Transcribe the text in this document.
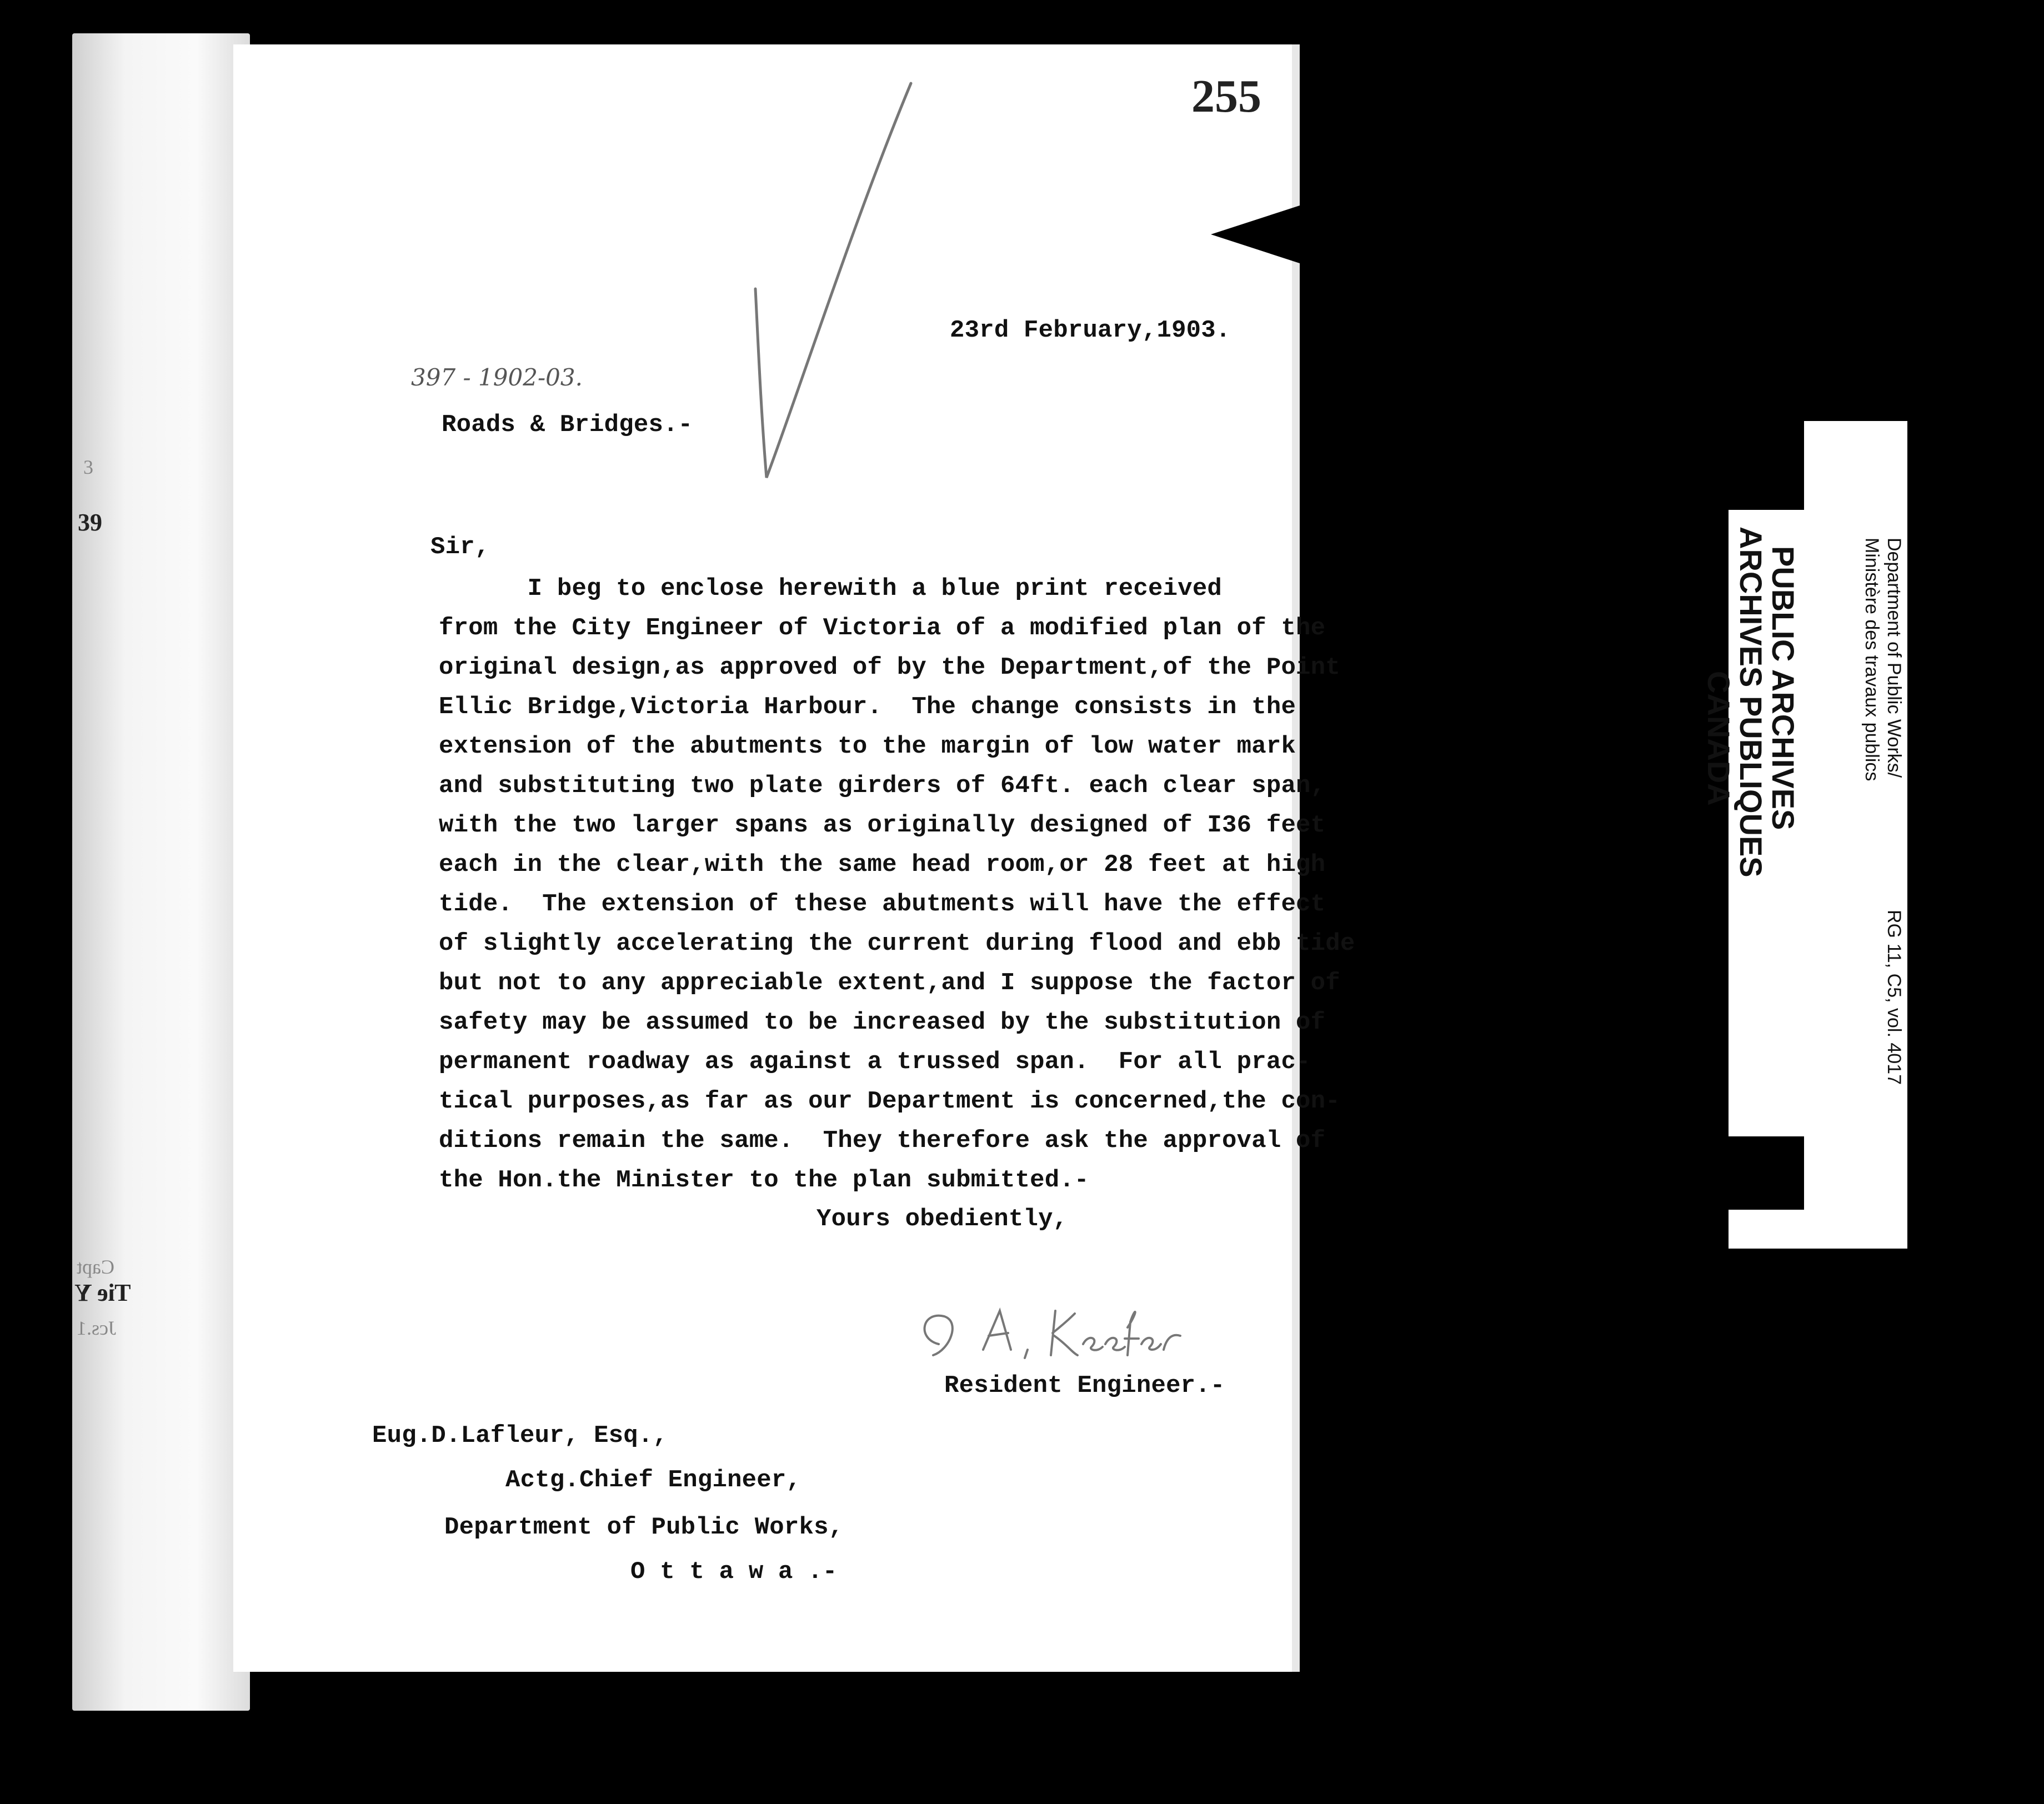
3
39
Capt
Tie Y
Jcs.1
255
23rd February,1903.
397 - 1902-03.
Roads & Bridges.-
Sir,
I beg to enclose herewith a blue print received
from the City Engineer of Victoria of a modified plan of the
original design,as approved of by the Department,of the Point
Ellic Bridge,Victoria Harbour.  The change consists in the
extension of the abutments to the margin of low water mark
and substituting two plate girders of 64ft. each clear span,
with the two larger spans as originally designed of I36 feet
each in the clear,with the same head room,or 28 feet at high
tide.  The extension of these abutments will have the effect
of slightly accelerating the current during flood and ebb tide
but not to any appreciable extent,and I suppose the factor of
safety may be assumed to be increased by the substitution of
permanent roadway as against a trussed span.  For all prac-
tical purposes,as far as our Department is concerned,the con-
ditions remain the same.  They therefore ask the approval of
the Hon.the Minister to the plan submitted.-
Yours obediently,
Resident Engineer.-
Eug.D.Lafleur, Esq.,
Actg.Chief Engineer,
Department of Public Works,
O t t a w a .-
PUBLIC ARCHIVES
ARCHIVES PUBLIQUES
CANADA	Department of Public Works/
Ministère des travaux publics
RG 11, C5, vol. 4017
